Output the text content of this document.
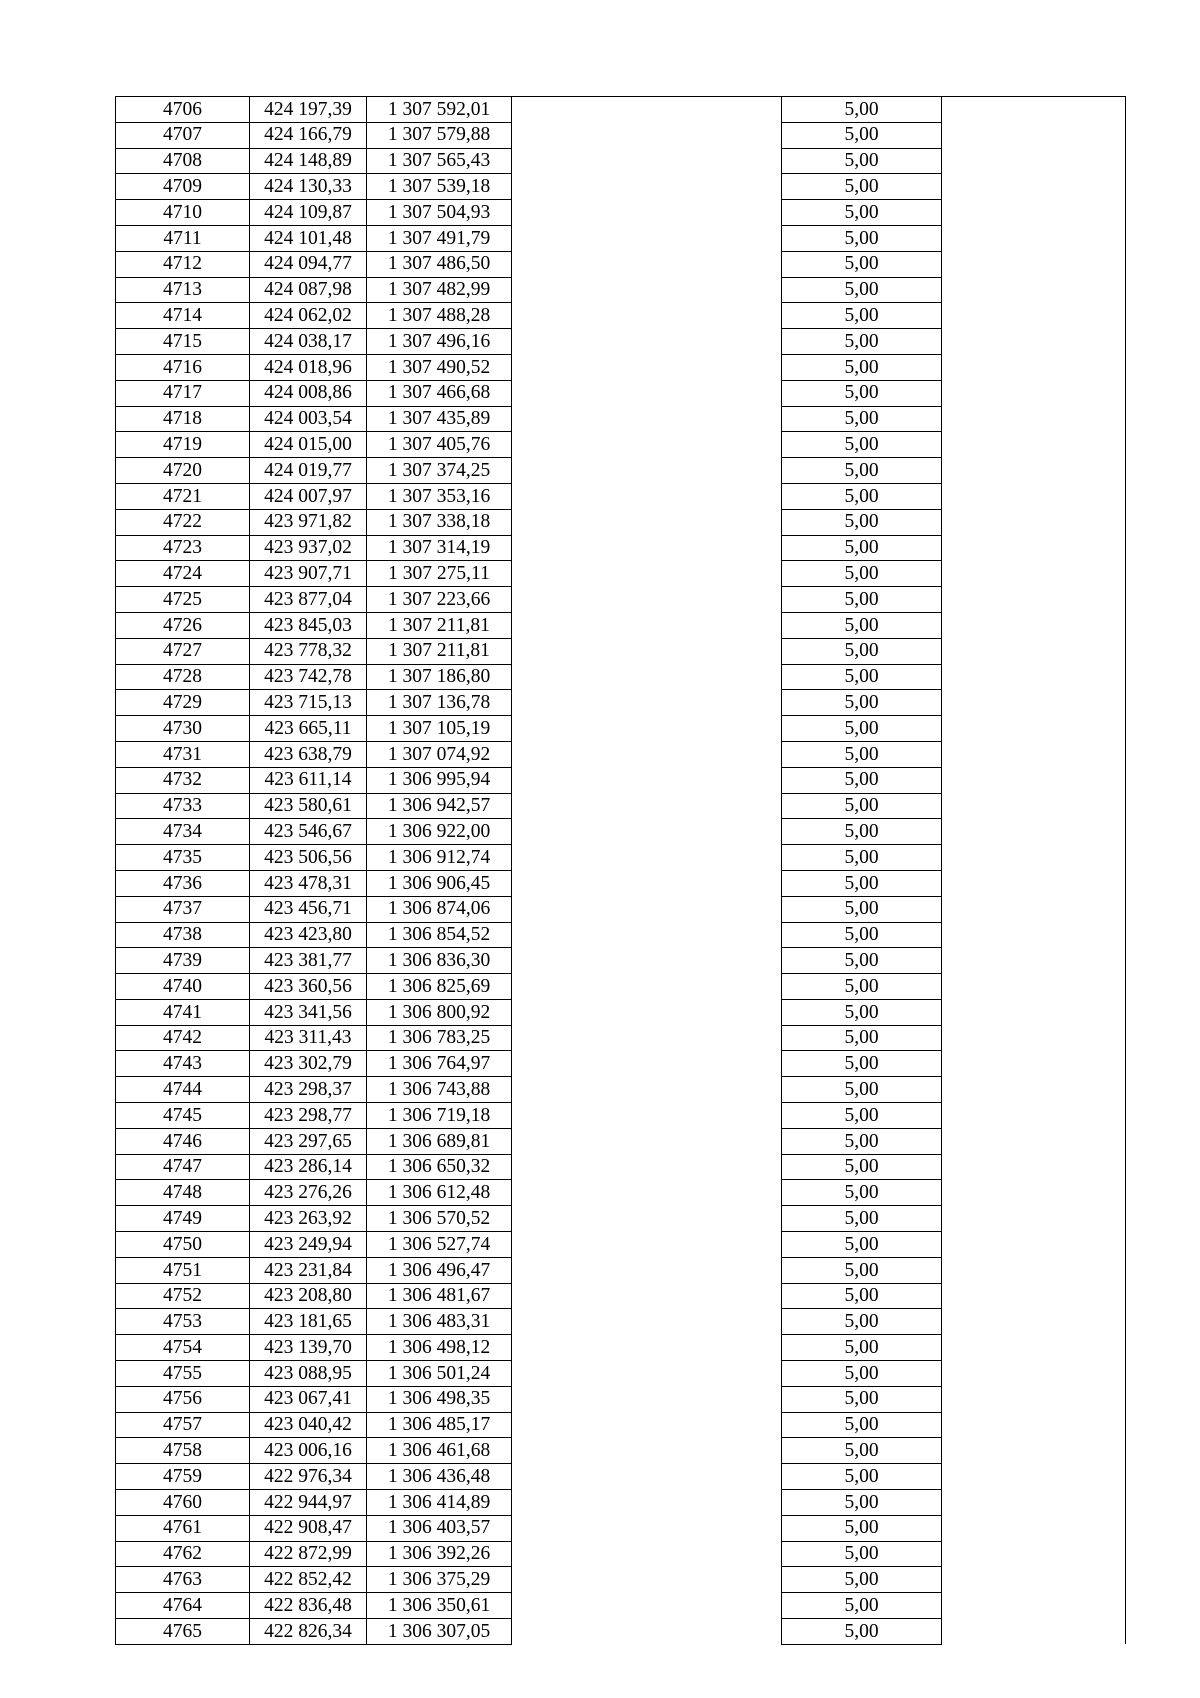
4706	424 197,39	1 307 592,01		5,00	
4707	424 166,79	1 307 579,88		5,00	
4708	424 148,89	1 307 565,43		5,00	
4709	424 130,33	1 307 539,18		5,00	
4710	424 109,87	1 307 504,93		5,00	
4711	424 101,48	1 307 491,79		5,00	
4712	424 094,77	1 307 486,50		5,00	
4713	424 087,98	1 307 482,99		5,00	
4714	424 062,02	1 307 488,28		5,00	
4715	424 038,17	1 307 496,16		5,00	
4716	424 018,96	1 307 490,52		5,00	
4717	424 008,86	1 307 466,68		5,00	
4718	424 003,54	1 307 435,89		5,00	
4719	424 015,00	1 307 405,76		5,00	
4720	424 019,77	1 307 374,25		5,00	
4721	424 007,97	1 307 353,16		5,00	
4722	423 971,82	1 307 338,18		5,00	
4723	423 937,02	1 307 314,19		5,00	
4724	423 907,71	1 307 275,11		5,00	
4725	423 877,04	1 307 223,66		5,00	
4726	423 845,03	1 307 211,81		5,00	
4727	423 778,32	1 307 211,81		5,00	
4728	423 742,78	1 307 186,80		5,00	
4729	423 715,13	1 307 136,78		5,00	
4730	423 665,11	1 307 105,19		5,00	
4731	423 638,79	1 307 074,92		5,00	
4732	423 611,14	1 306 995,94		5,00	
4733	423 580,61	1 306 942,57		5,00	
4734	423 546,67	1 306 922,00		5,00	
4735	423 506,56	1 306 912,74		5,00	
4736	423 478,31	1 306 906,45		5,00	
4737	423 456,71	1 306 874,06		5,00	
4738	423 423,80	1 306 854,52		5,00	
4739	423 381,77	1 306 836,30		5,00	
4740	423 360,56	1 306 825,69		5,00	
4741	423 341,56	1 306 800,92		5,00	
4742	423 311,43	1 306 783,25		5,00	
4743	423 302,79	1 306 764,97		5,00	
4744	423 298,37	1 306 743,88		5,00	
4745	423 298,77	1 306 719,18		5,00	
4746	423 297,65	1 306 689,81		5,00	
4747	423 286,14	1 306 650,32		5,00	
4748	423 276,26	1 306 612,48		5,00	
4749	423 263,92	1 306 570,52		5,00	
4750	423 249,94	1 306 527,74		5,00	
4751	423 231,84	1 306 496,47		5,00	
4752	423 208,80	1 306 481,67		5,00	
4753	423 181,65	1 306 483,31		5,00	
4754	423 139,70	1 306 498,12		5,00	
4755	423 088,95	1 306 501,24		5,00	
4756	423 067,41	1 306 498,35		5,00	
4757	423 040,42	1 306 485,17		5,00	
4758	423 006,16	1 306 461,68		5,00	
4759	422 976,34	1 306 436,48		5,00	
4760	422 944,97	1 306 414,89		5,00	
4761	422 908,47	1 306 403,57		5,00	
4762	422 872,99	1 306 392,26		5,00	
4763	422 852,42	1 306 375,29		5,00	
4764	422 836,48	1 306 350,61		5,00	
4765	422 826,34	1 306 307,05		5,00	
